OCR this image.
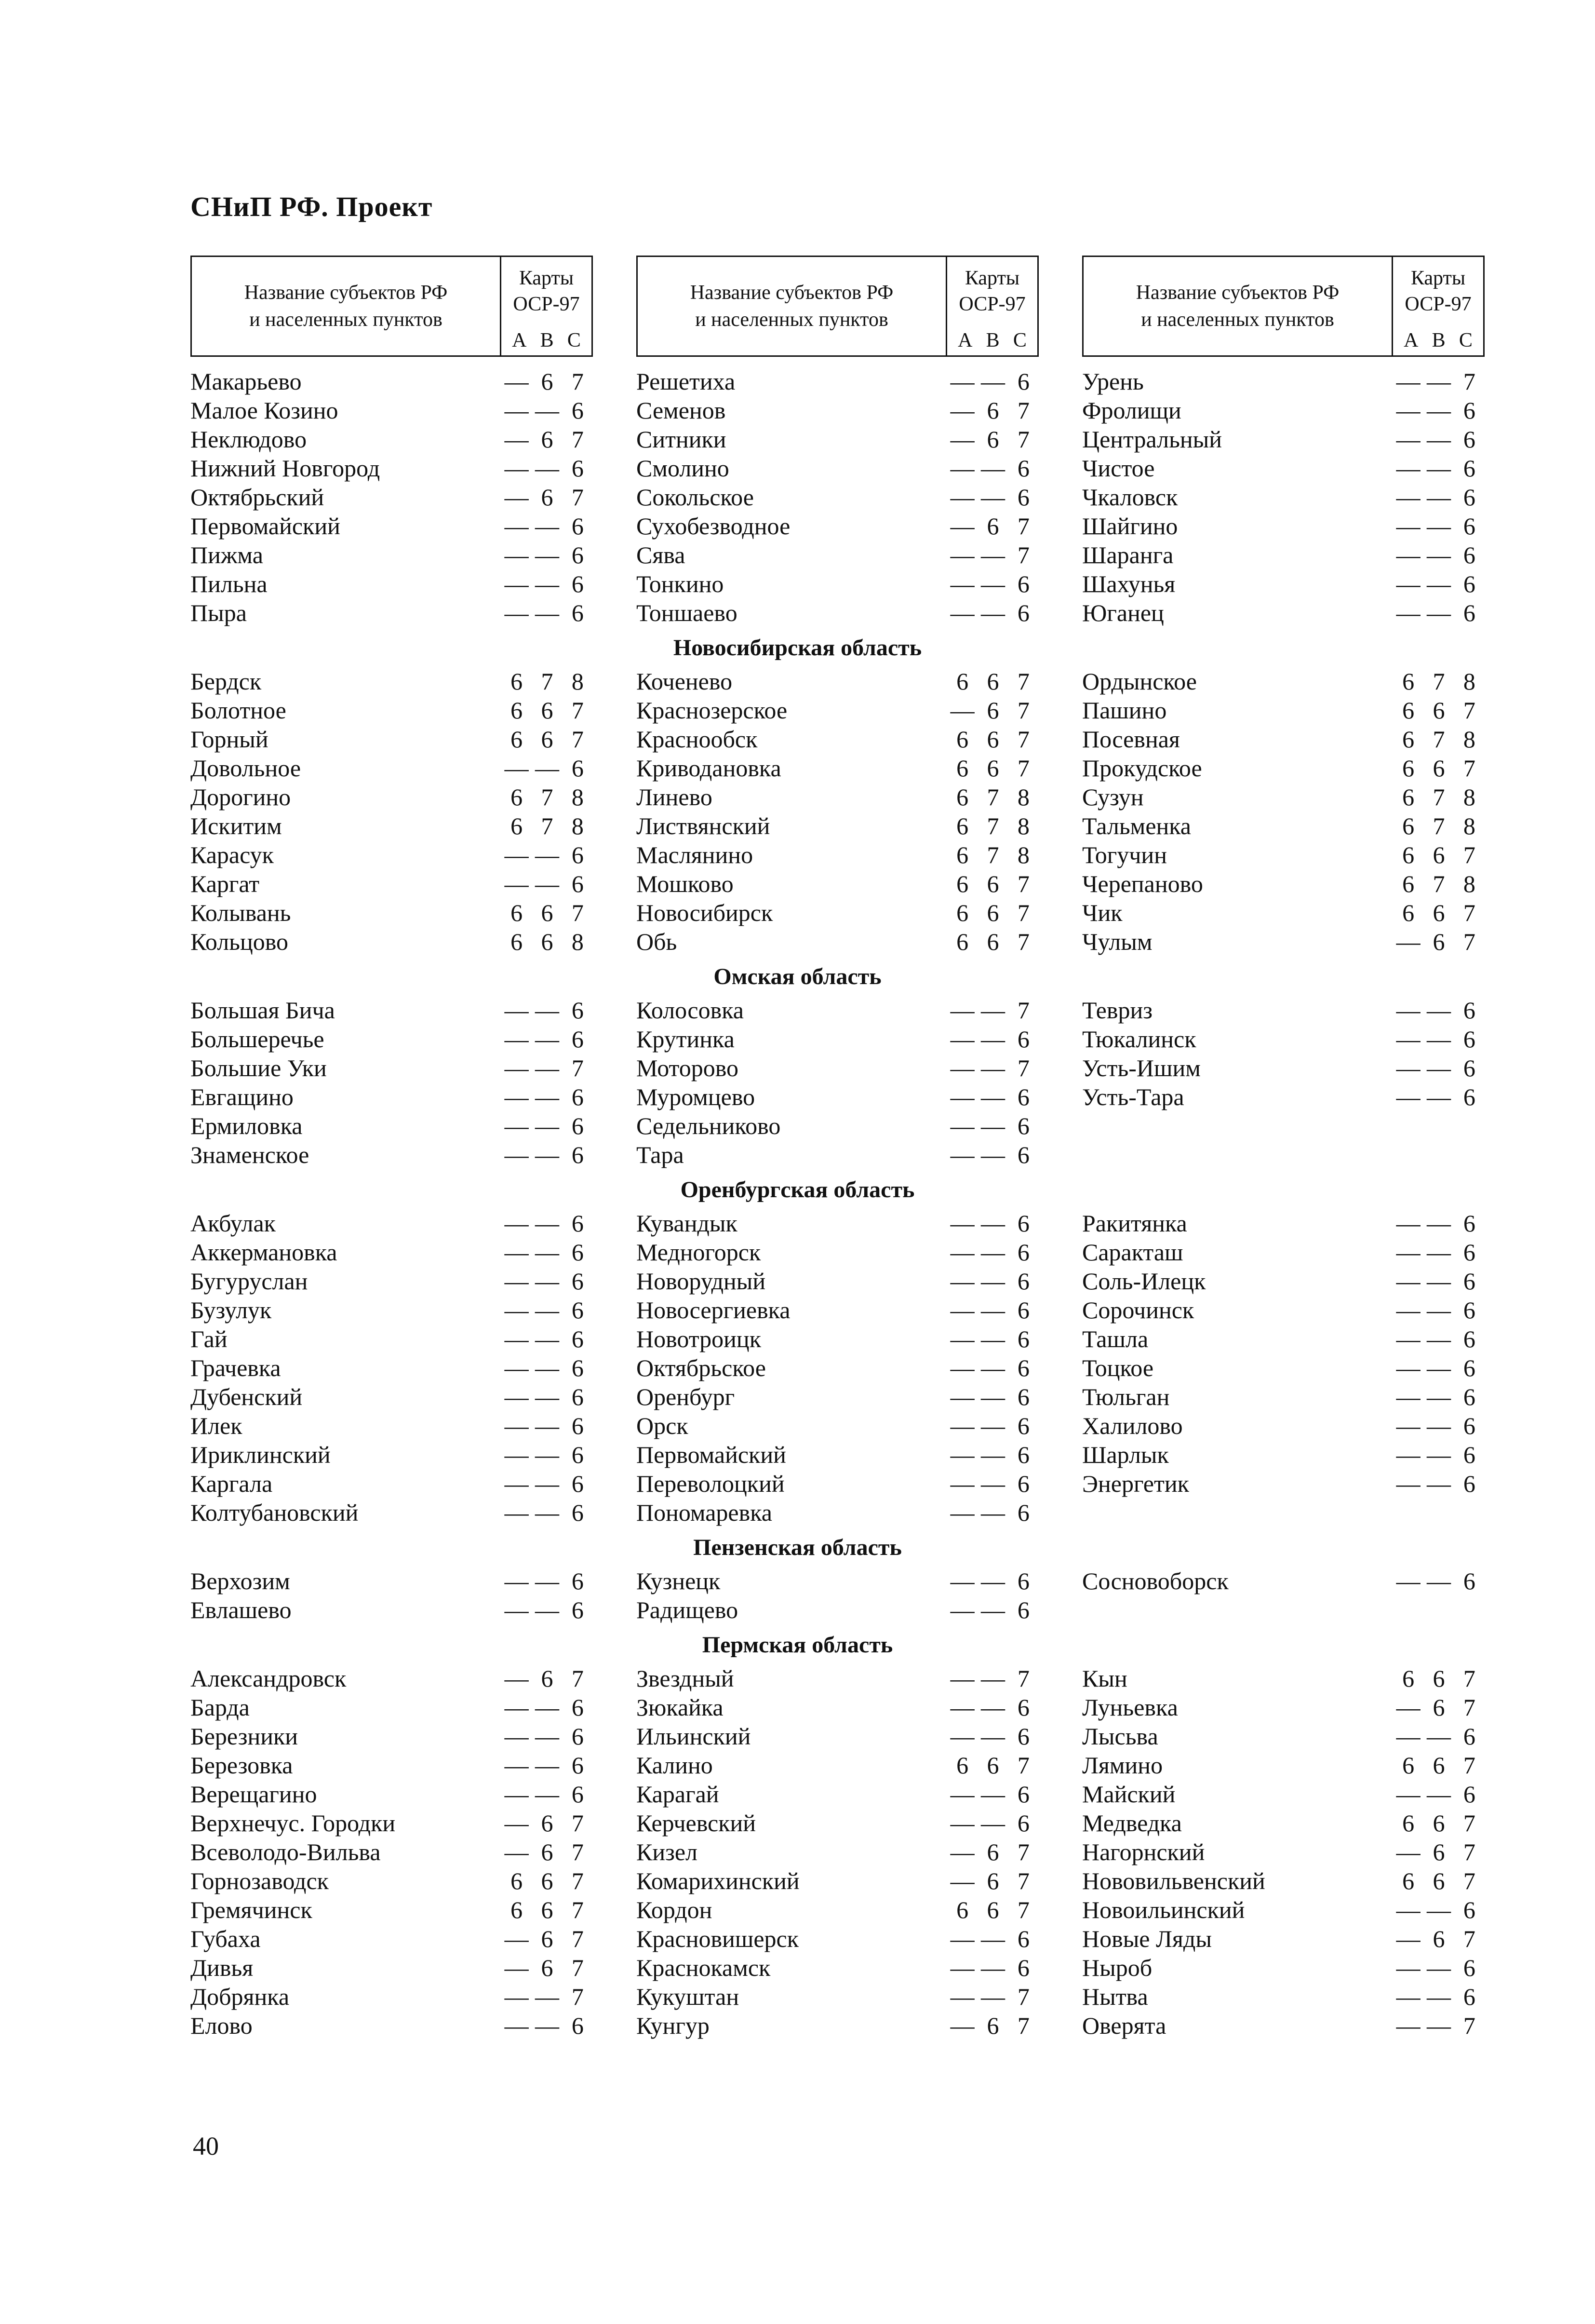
СНиП РФ. Проект
Название субъектов РФ
и населенных пунктов
Карты
ОСР-97
А В С
Название субъектов РФ
и населенных пунктов
Карты
ОСР-97
А В С
Название субъектов РФ
и населенных пунктов
Карты
ОСР-97
А В С
Макарьево	— 6 7
Малое Козино	— — 6
Неклюдово	— 6 7
Нижний Новгород	— — 6
Октябрьский	— 6 7
Первомайский	— — 6
Пижма	— — 6
Пильна	— — 6
Пыра	— — 6
Решетиха	— — 6
Семенов	— 6 7
Ситники	— 6 7
Смолино	— — 6
Сокольское	— — 6
Сухобезводное	— 6 7
Сява	— — 7
Тонкино	— — 6
Тоншаево	— — 6
Урень	— — 7
Фролищи	— — 6
Центральный	— — 6
Чистое	— — 6
Чкаловск	— — 6
Шайгино	— — 6
Шаранга	— — 6
Шахунья	— — 6
Юганец	— — 6
Новосибирская область
Бердск	6 7 8
Болотное	6 6 7
Горный	6 6 7
Довольное	— — 6
Дорогино	6 7 8
Искитим	6 7 8
Карасук	— — 6
Каргат	— — 6
Колывань	6 6 7
Кольцово	6 6 8
Коченево	6 6 7
Краснозерское	— 6 7
Краснообск	6 6 7
Криводановка	6 6 7
Линево	6 7 8
Листвянский	6 7 8
Маслянино	6 7 8
Мошково	6 6 7
Новосибирск	6 6 7
Обь	6 6 7
Ордынское	6 7 8
Пашино	6 6 7
Посевная	6 7 8
Прокудское	6 6 7
Сузун	6 7 8
Тальменка	6 7 8
Тогучин	6 6 7
Черепаново	6 7 8
Чик	6 6 7
Чулым	— 6 7
Омская область
Большая Бича	— — 6
Большеречье	— — 6
Большие Уки	— — 7
Евгащино	— — 6
Ермиловка	— — 6
Знаменское	— — 6
Колосовка	— — 7
Крутинка	— — 6
Моторово	— — 7
Муромцево	— — 6
Седельниково	— — 6
Тара	— — 6
Тевриз	— — 6
Тюкалинск	— — 6
Усть-Ишим	— — 6
Усть-Тара	— — 6
Оренбургская область
Акбулак	— — 6
Аккермановка	— — 6
Бугуруслан	— — 6
Бузулук	— — 6
Гай	— — 6
Грачевка	— — 6
Дубенский	— — 6
Илек	— — 6
Ириклинский	— — 6
Каргала	— — 6
Колтубановский	— — 6
Кувандык	— — 6
Медногорск	— — 6
Новорудный	— — 6
Новосергиевка	— — 6
Новотроицк	— — 6
Октябрьское	— — 6
Оренбург	— — 6
Орск	— — 6
Первомайский	— — 6
Переволоцкий	— — 6
Пономаревка	— — 6
Ракитянка	— — 6
Саракташ	— — 6
Соль-Илецк	— — 6
Сорочинск	— — 6
Ташла	— — 6
Тоцкое	— — 6
Тюльган	— — 6
Халилово	— — 6
Шарлык	— — 6
Энергетик	— — 6
Пензенская область
Верхозим	— — 6
Евлашево	— — 6
Кузнецк	— — 6
Радищево	— — 6
Сосновоборск	— — 6
Пермская область
Александровск	— 6 7
Барда	— — 6
Березники	— — 6
Березовка	— — 6
Верещагино	— — 6
Верхнечус. Городки	— 6 7
Всеволодо-Вильва	— 6 7
Горнозаводск	6 6 7
Гремячинск	6 6 7
Губаха	— 6 7
Дивья	— 6 7
Добрянка	— — 7
Елово	— — 6
Звездный	— — 7
Зюкайка	— — 6
Ильинский	— — 6
Калино	6 6 7
Карагай	— — 6
Керчевский	— — 6
Кизел	— 6 7
Комарихинский	— 6 7
Кордон	6 6 7
Красновишерск	— — 6
Краснокамск	— — 6
Кукуштан	— — 7
Кунгур	— 6 7
Кын	6 6 7
Луньевка	— 6 7
Лысьва	— — 6
Лямино	6 6 7
Майский	— — 6
Медведка	6 6 7
Нагорнский	— 6 7
Нововильвенский	6 6 7
Новоильинский	— — 6
Новые Ляды	— 6 7
Ныроб	— — 6
Нытва	— — 6
Оверята	— — 7
40
